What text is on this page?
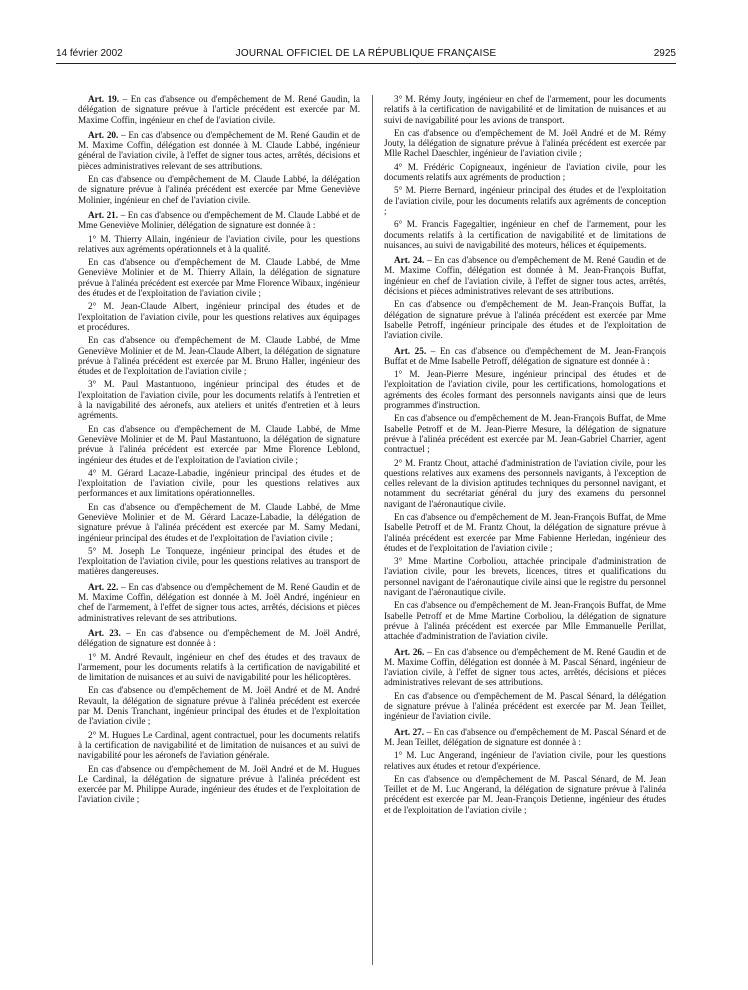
14 février 2002	JOURNAL OFFICIEL DE LA RÉPUBLIQUE FRANÇAISE	2925

Art. 19. – En cas d'absence ou d'empêchement de M. René Gaudin, la délégation de signature prévue à l'article précédent est exercée par M. Maxime Coffin, ingénieur en chef de l'aviation civile.

Art. 20. – En cas d'absence ou d'empêchement de M. René Gaudin et de M. Maxime Coffin, délégation est donnée à M. Claude Labbé, ingénieur général de l'aviation civile, à l'effet de signer tous actes, arrêtés, décisions et pièces administratives relevant de ses attributions.

En cas d'absence ou d'empêchement de M. Claude Labbé, la délégation de signature prévue à l'alinéa précédent est exercée par Mme Geneviève Molinier, ingénieur en chef de l'aviation civile.

Art. 21. – En cas d'absence ou d'empêchement de M. Claude Labbé et de Mme Geneviève Molinier, délégation de signature est donnée à :

1° M. Thierry Allain, ingénieur de l'aviation civile, pour les questions relatives aux agréments opérationnels et à la qualité.

En cas d'absence ou d'empêchement de M. Claude Labbé, de Mme Geneviève Molinier et de M. Thierry Allain, la délégation de signature prévue à l'alinéa précédent est exercée par Mme Florence Wibaux, ingénieur des études et de l'exploitation de l'aviation civile ;

2° M. Jean-Claude Albert, ingénieur principal des études et de l'exploitation de l'aviation civile, pour les questions relatives aux équipages et procédures.

En cas d'absence ou d'empêchement de M. Claude Labbé, de Mme Geneviève Molinier et de M. Jean-Claude Albert, la délégation de signature prévue à l'alinéa précédent est exercée par M. Bruno Haller, ingénieur des études et de l'exploitation de l'aviation civile ;

3° M. Paul Mastantuono, ingénieur principal des études et de l'exploitation de l'aviation civile, pour les documents relatifs à l'entretien et à la navigabilité des aéronefs, aux ateliers et unités d'entretien et à leurs agréments.

En cas d'absence ou d'empêchement de M. Claude Labbé, de Mme Geneviève Molinier et de M. Paul Mastantuono, la délégation de signature prévue à l'alinéa précédent est exercée par Mme Florence Leblond, ingénieur des études et de l'exploitation de l'aviation civile ;

4° M. Gérard Lacaze-Labadie, ingénieur principal des études et de l'exploitation de l'aviation civile, pour les questions relatives aux performances et aux limitations opérationnelles.

En cas d'absence ou d'empêchement de M. Claude Labbé, de Mme Geneviève Molinier et de M. Gérard Lacaze-Labadie, la délégation de signature prévue à l'alinéa précédent est exercée par M. Samy Medani, ingénieur principal des études et de l'exploitation de l'aviation civile ;

5° M. Joseph Le Tonqueze, ingénieur principal des études et de l'exploitation de l'aviation civile, pour les questions relatives au transport de matières dangereuses.

Art. 22. – En cas d'absence ou d'empêchement de M. René Gaudin et de M. Maxime Coffin, délégation est donnée à M. Joël André, ingénieur en chef de l'armement, à l'effet de signer tous actes, arrêtés, décisions et pièces administratives relevant de ses attributions.

Art. 23. – En cas d'absence ou d'empêchement de M. Joël André, délégation de signature est donnée à :

1° M. André Revault, ingénieur en chef des études et des travaux de l'armement, pour les documents relatifs à la certification de navigabilité et de limitation de nuisances et au suivi de navigabilité pour les hélicoptères.

En cas d'absence ou d'empêchement de M. Joël André et de M. André Revault, la délégation de signature prévue à l'alinéa précédent est exercée par M. Denis Tranchant, ingénieur principal des études et de l'exploitation de l'aviation civile ;

2° M. Hugues Le Cardinal, agent contractuel, pour les documents relatifs à la certification de navigabilité et de limitation de nuisances et au suivi de navigabilité pour les aéronefs de l'aviation générale.

En cas d'absence ou d'empêchement de M. Joël André et de M. Hugues Le Cardinal, la délégation de signature prévue à l'alinéa précédent est exercée par M. Philippe Aurade, ingénieur des études et de l'exploitation de l'aviation civile ;

3° M. Rémy Jouty, ingénieur en chef de l'armement, pour les documents relatifs à la certification de navigabilité et de limitation de nuisances et au suivi de navigabilité pour les avions de transport.

En cas d'absence ou d'empêchement de M. Joël André et de M. Rémy Jouty, la délégation de signature prévue à l'alinéa précédent est exercée par Mlle Rachel Daeschler, ingénieur de l'aviation civile ;

4° M. Frédéric Copigneaux, ingénieur de l'aviation civile, pour les documents relatifs aux agréments de production ;

5° M. Pierre Bernard, ingénieur principal des études et de l'exploitation de l'aviation civile, pour les documents relatifs aux agréments de conception ;

6° M. Francis Fagegaltier, ingénieur en chef de l'armement, pour les documents relatifs à la certification de navigabilité et de limitations de nuisances, au suivi de navigabilité des moteurs, hélices et équipements.

Art. 24. – En cas d'absence ou d'empêchement de M. René Gaudin et de M. Maxime Coffin, délégation est donnée à M. Jean-François Buffat, ingénieur en chef de l'aviation civile, à l'effet de signer tous actes, arrêtés, décisions et pièces administratives relevant de ses attributions.

En cas d'absence ou d'empêchement de M. Jean-François Buffat, la délégation de signature prévue à l'alinéa précédent est exercée par Mme Isabelle Petroff, ingénieur principale des études et de l'exploitation de l'aviation civile.

Art. 25. – En cas d'absence ou d'empêchement de M. Jean-François Buffat et de Mme Isabelle Petroff, délégation de signature est donnée à :

1° M. Jean-Pierre Mesure, ingénieur principal des études et de l'exploitation de l'aviation civile, pour les certifications, homologations et agréments des écoles formant des personnels navigants ainsi que de leurs programmes d'instruction.

En cas d'absence ou d'empêchement de M. Jean-François Buffat, de Mme Isabelle Petroff et de M. Jean-Pierre Mesure, la délégation de signature prévue à l'alinéa précédent est exercée par M. Jean-Gabriel Charrier, agent contractuel ;

2° M. Frantz Chout, attaché d'administration de l'aviation civile, pour les questions relatives aux examens des personnels navigants, à l'exception de celles relevant de la division aptitudes techniques du personnel navigant, et notamment du secrétariat général du jury des examens du personnel navigant de l'aéronautique civile.

En cas d'absence ou d'empêchement de M. Jean-François Buffat, de Mme Isabelle Petroff et de M. Frantz Chout, la délégation de signature prévue à l'alinéa précédent est exercée par Mme Fabienne Herledan, ingénieur des études et de l'exploitation de l'aviation civile ;

3° Mme Martine Corboliou, attachée principale d'administration de l'aviation civile, pour les brevets, licences, titres et qualifications du personnel navigant de l'aéronautique civile ainsi que le registre du personnel navigant de l'aéronautique civile.

En cas d'absence ou d'empêchement de M. Jean-François Buffat, de Mme Isabelle Petroff et de Mme Martine Corboliou, la délégation de signature prévue à l'alinéa précédent est exercée par Mlle Emmanuelle Perillat, attachée d'administration de l'aviation civile.

Art. 26. – En cas d'absence ou d'empêchement de M. René Gaudin et de M. Maxime Coffin, délégation est donnée à M. Pascal Sénard, ingénieur de l'aviation civile, à l'effet de signer tous actes, arrêtés, décisions et pièces administratives relevant de ses attributions.

En cas d'absence ou d'empêchement de M. Pascal Sénard, la délégation de signature prévue à l'alinéa précédent est exercée par M. Jean Teillet, ingénieur de l'aviation civile.

Art. 27. – En cas d'absence ou d'empêchement de M. Pascal Sénard et de M. Jean Teillet, délégation de signature est donnée à :

1° M. Luc Angerand, ingénieur de l'aviation civile, pour les questions relatives aux études et retour d'expérience.

En cas d'absence ou d'empêchement de M. Pascal Sénard, de M. Jean Teillet et de M. Luc Angerand, la délégation de signature prévue à l'alinéa précédent est exercée par M. Jean-François Detienne, ingénieur des études et de l'exploitation de l'aviation civile ;
